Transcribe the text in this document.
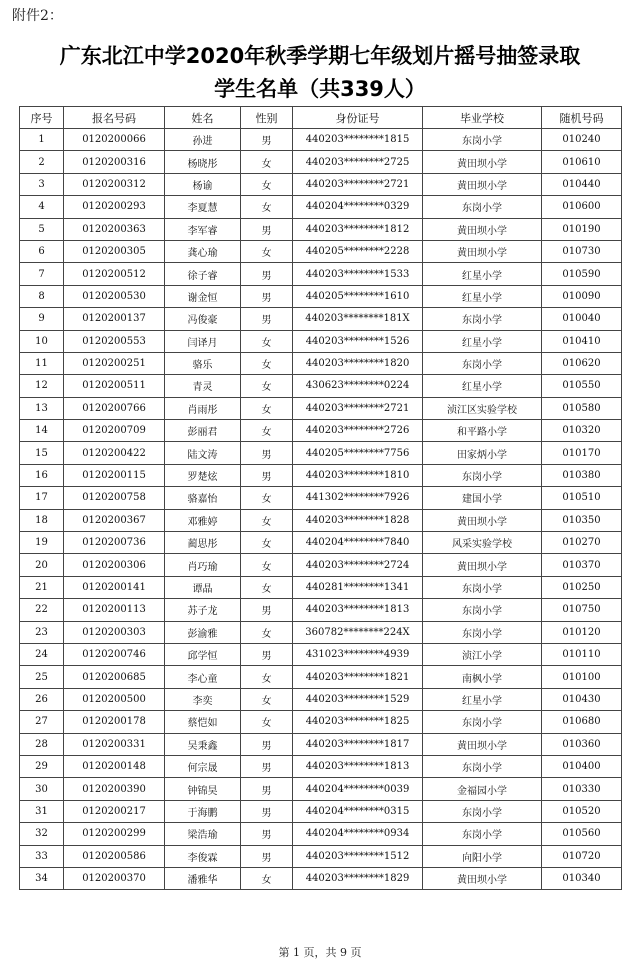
附件2：
广东北江中学2020年秋季学期七年级划片摇号抽签录取
学生名单（共339人）
序号	报名号码	姓名	性别	身份证号	毕业学校	随机号码
1	0120200066	孙进	男	440203********1815	东岗小学	010240
2	0120200316	杨晓彤	女	440203********2725	黄田坝小学	010610
3	0120200312	杨谕	女	440203********2721	黄田坝小学	010440
4	0120200293	李夏慧	女	440204********0329	东岗小学	010600
5	0120200363	李军睿	男	440203********1812	黄田坝小学	010190
6	0120200305	龚心瑜	女	440205********2228	黄田坝小学	010730
7	0120200512	徐子睿	男	440203********1533	红星小学	010590
8	0120200530	谢金恒	男	440205********1610	红星小学	010090
9	0120200137	冯俊豪	男	440203********181X	东岗小学	010040
10	0120200553	闫译月	女	440203********1526	红星小学	010410
11	0120200251	骆乐	女	440203********1820	东岗小学	010620
12	0120200511	青灵	女	430623********0224	红星小学	010550
13	0120200766	肖雨彤	女	440203********2721	浈江区实验学校	010580
14	0120200709	彭丽君	女	440203********2726	和平路小学	010320
15	0120200422	陆文涛	男	440205********7756	田家炳小学	010170
16	0120200115	罗楚炫	男	440203********1810	东岗小学	010380
17	0120200758	骆嘉怡	女	441302********7926	建国小学	010510
18	0120200367	邓雅婷	女	440203********1828	黄田坝小学	010350
19	0120200736	蔺思彤	女	440204********7840	风采实验学校	010270
20	0120200306	肖巧瑜	女	440203********2724	黄田坝小学	010370
21	0120200141	谭晶	女	440281********1341	东岗小学	010250
22	0120200113	苏子龙	男	440203********1813	东岗小学	010750
23	0120200303	彭渝雅	女	360782********224X	东岗小学	010120
24	0120200746	邱学恒	男	431023********4939	浈江小学	010110
25	0120200685	李心童	女	440203********1821	南枫小学	010100
26	0120200500	李奕	女	440203********1529	红星小学	010430
27	0120200178	蔡恺如	女	440203********1825	东岗小学	010680
28	0120200331	吴秉鑫	男	440203********1817	黄田坝小学	010360
29	0120200148	何宗晟	男	440203********1813	东岗小学	010400
30	0120200390	钟锦昊	男	440204********0039	金福园小学	010330
31	0120200217	于海鹏	男	440204********0315	东岗小学	010520
32	0120200299	梁浩瑜	男	440204********0934	东岗小学	010560
33	0120200586	李俊霖	男	440203********1512	向阳小学	010720
34	0120200370	潘雅华	女	440203********1829	黄田坝小学	010340
第 1 页，共 9 页
